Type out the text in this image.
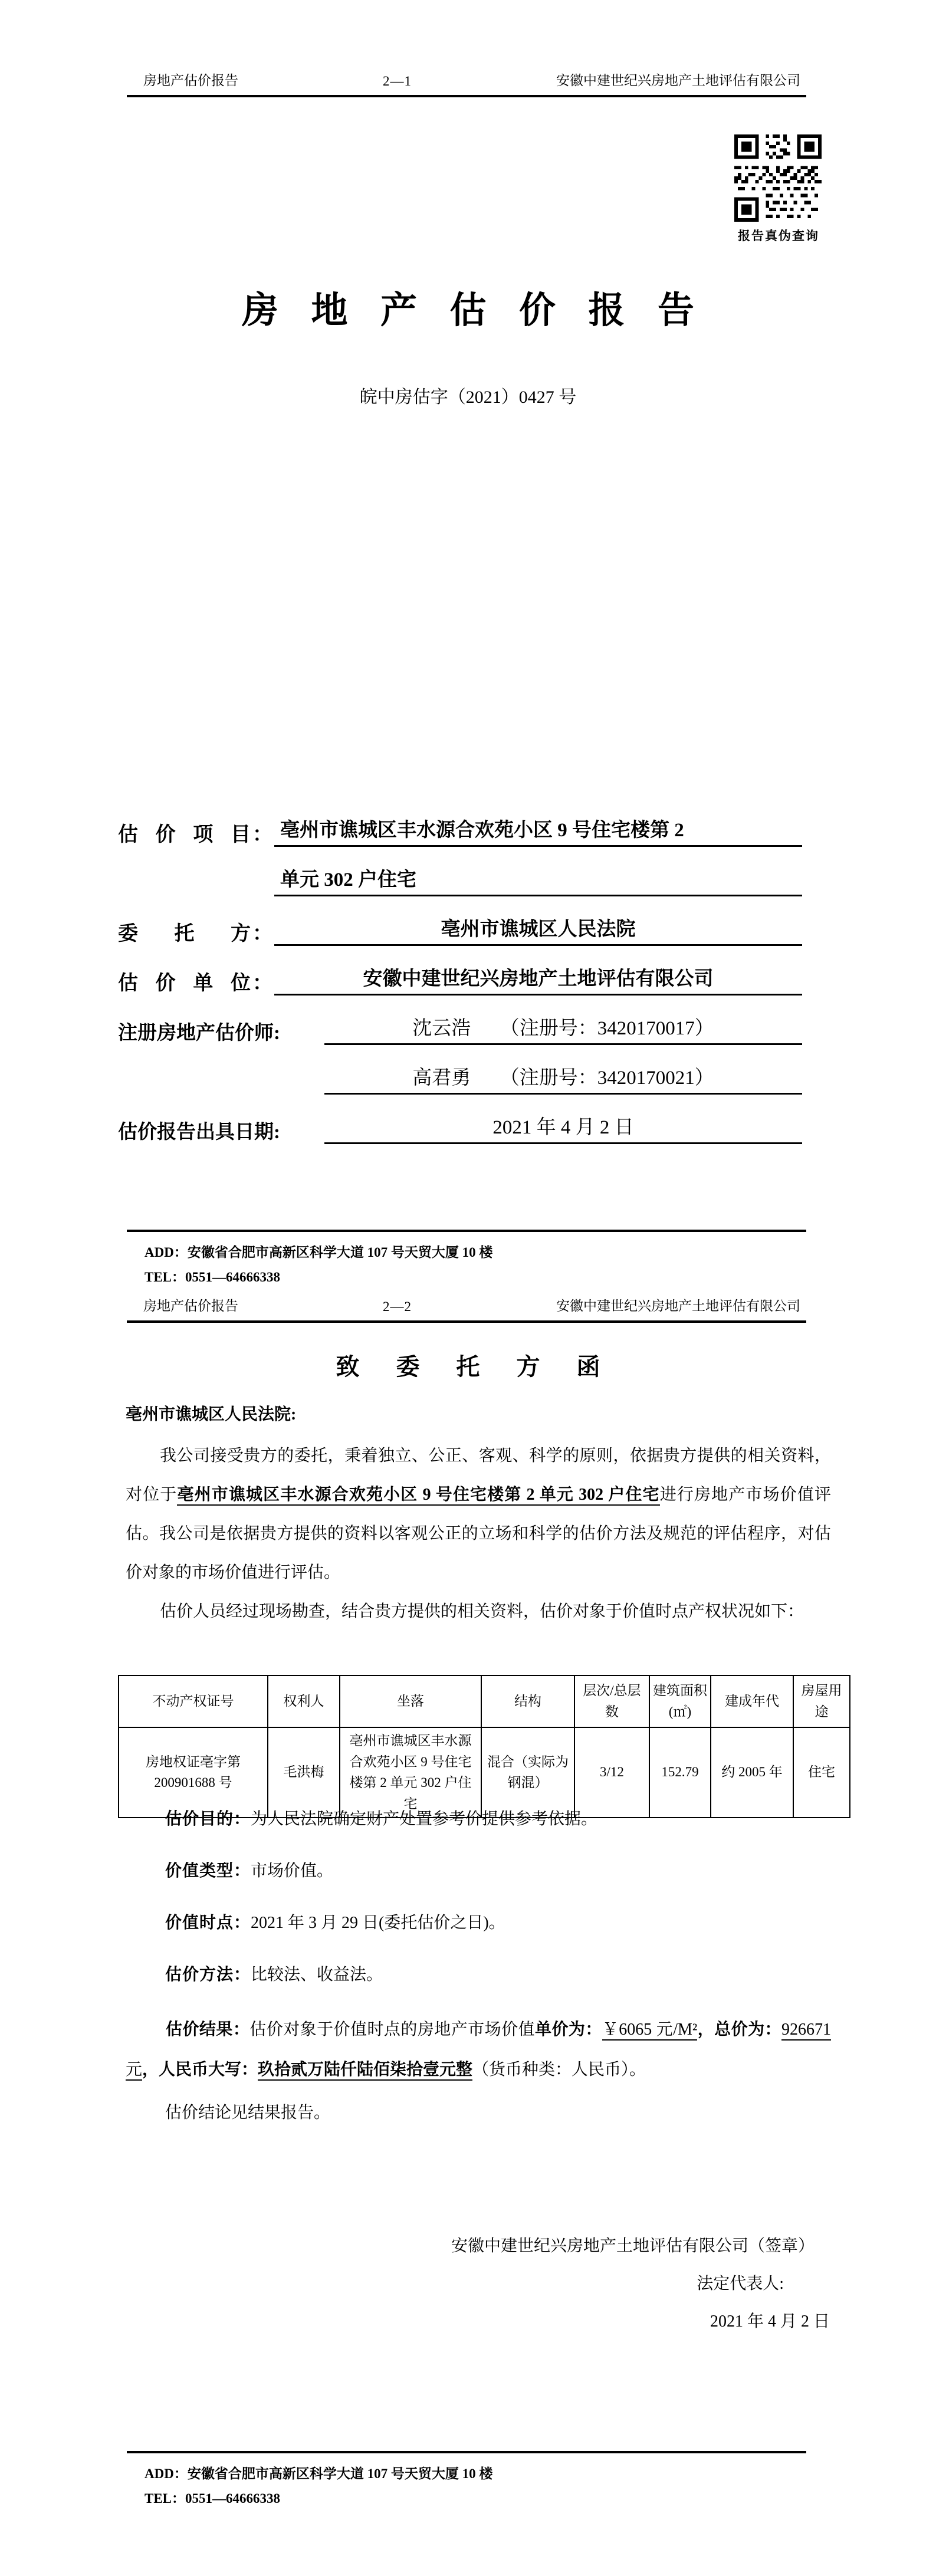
房地产估价报告	2—1	安徽中建世纪兴房地产土地评估有限公司
报告真伪查询
房 地 产 估 价 报 告
皖中房估字（2021）0427 号
估 价 项 目 ： 亳州市谯城区丰水源合欢苑小区 9 号住宅楼第 2
单元 302 户住宅
委 托 方 ：	亳州市谯城区人民法院
估 价 单 位 ：	安徽中建世纪兴房地产土地评估有限公司
注册房地产估价师:	沈云浩　　（注册号：3420170017）
高君勇　　（注册号：3420170021）
估价报告出具日期:	2021 年 4 月 2 日
ADD：安徽省合肥市高新区科学大道 107 号天贸大厦 10 楼
TEL：0551—64666338
房地产估价报告	2—2	安徽中建世纪兴房地产土地评估有限公司
致 委 托 方 函
亳州市谯城区人民法院:
我公司接受贵方的委托，秉着独立、公正、客观、科学的原则，依据贵方提供的相关资料，对位于亳州市谯城区丰水源合欢苑小区 9 号住宅楼第 2 单元 302 户住宅进行房地产市场价值评估。我公司是依据贵方提供的资料以客观公正的立场和科学的估价方法及规范的评估程序，对估价对象的市场价值进行评估。
估价人员经过现场勘查，结合贵方提供的相关资料，估价对象于价值时点产权状况如下：
不动产权证号	权利人	坐落	结构	层次/总层数	建筑面积(㎡)	建成年代	房屋用途
房地权证亳字第 200901688 号	毛洪梅	亳州市谯城区丰水源合欢苑小区 9 号住宅楼第 2 单元 302 户住宅	混合（实际为钢混）	3/12	152.79	约 2005 年	住宅
估价目的：为人民法院确定财产处置参考价提供参考依据。
价值类型：市场价值。
价值时点：2021 年 3 月 29 日(委托估价之日)。
估价方法：比较法、收益法。
估价结果：估价对象于价值时点的房地产市场价值单价为：￥6065 元/M²，总价为：926671 元，人民币大写：玖拾贰万陆仟陆佰柒拾壹元整（货币种类：人民币）。
估价结论见结果报告。
安徽中建世纪兴房地产土地评估有限公司（签章）
法定代表人:
2021 年 4 月 2 日
ADD：安徽省合肥市高新区科学大道 107 号天贸大厦 10 楼
TEL：0551—64666338
